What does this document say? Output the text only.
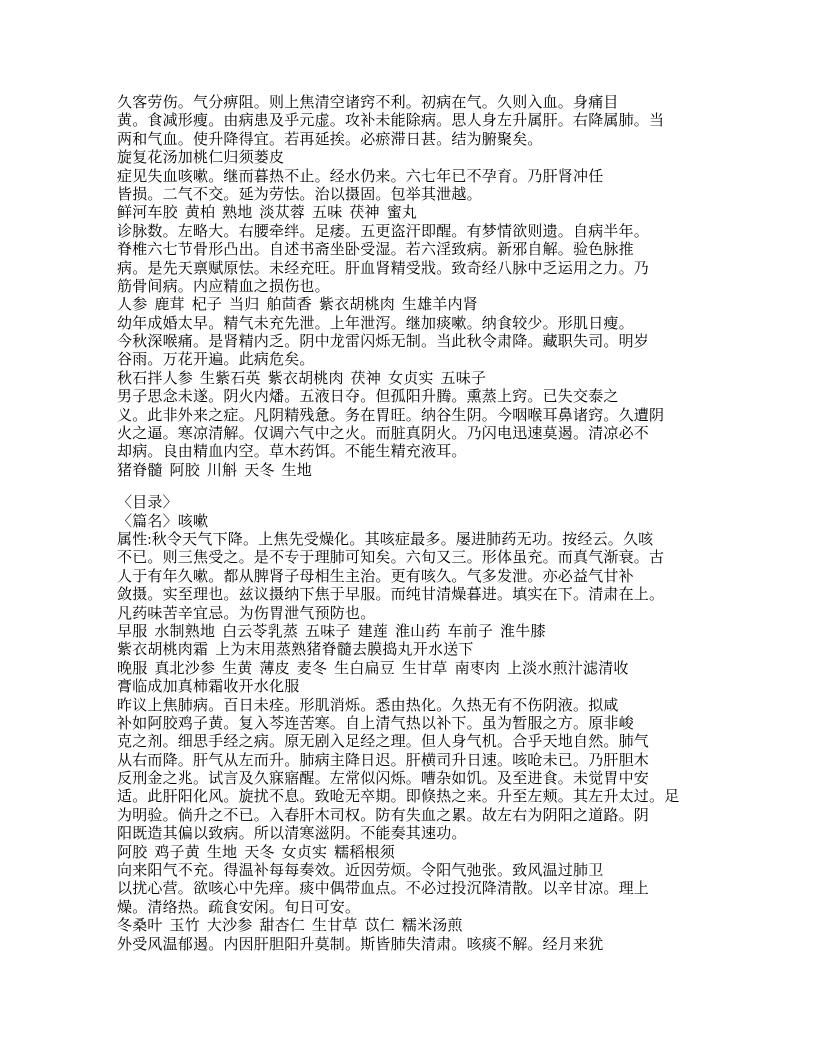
久客劳伤。气分痹阻。则上焦清空诸窍不利。初病在气。久则入血。身痛目
黄。食减形瘦。由病患及乎元虚。攻补未能除病。思人身左升属肝。右降属肺。当
两和气血。使升降得宜。若再延挨。必瘀滞日甚。结为腑聚矣。
旋复花汤加桃仁归须蒌皮
症见失血咳嗽。继而暮热不止。经水仍来。六七年已不孕育。乃肝肾冲任
皆损。二气不交。延为劳怯。治以摄固。包举其泄越。
鲜河车胶 黄柏 熟地 淡苁蓉 五味 茯神 蜜丸
诊脉数。左略大。右腰牵绊。足痿。五更盗汗即醒。有梦情欲则遗。自病半年。
脊椎六七节骨形凸出。自述书斋坐卧受湿。若六淫致病。新邪自解。验色脉推
病。是先天禀赋原怯。未经充旺。肝血肾精受戕。致奇经八脉中乏运用之力。乃
筋骨间病。内应精血之损伤也。
人参 鹿茸 杞子 当归 舶茴香 紫衣胡桃肉 生雄羊内肾
幼年成婚太早。精气未充先泄。上年泄泻。继加痰嗽。纳食较少。形肌日瘦。
今秋深喉痛。是肾精内乏。阴中龙雷闪烁无制。当此秋令肃降。藏职失司。明岁
谷雨。万花开遍。此病危矣。
秋石拌人参 生紫石英 紫衣胡桃肉 茯神 女贞实 五味子
男子思念未遂。阴火内燔。五液日夺。但孤阳升腾。熏蒸上窍。已失交泰之
义。此非外来之症。凡阴精残惫。务在胃旺。纳谷生阴。今咽喉耳鼻诸窍。久遭阴
火之逼。寒凉清解。仅调六气中之火。而脏真阴火。乃闪电迅速莫遏。清凉必不
却病。良由精血内空。草木药饵。不能生精充液耳。
猪脊髓 阿胶 川斛 天冬 生地
〈目录〉
〈篇名〉咳嗽
属性:秋令天气下降。上焦先受燥化。其咳症最多。屡进肺药无功。按经云。久咳
不已。则三焦受之。是不专于理肺可知矣。六旬又三。形体虽充。而真气渐衰。古
人于有年久嗽。都从脾肾子母相生主治。更有咳久。气多发泄。亦必益气甘补
敛摄。实至理也。兹议摄纳下焦于早服。而纯甘清燥暮进。填实在下。清肃在上。
凡药味苦辛宜忌。为伤胃泄气预防也。
早服 水制熟地 白云苓乳蒸 五味子 建莲 淮山药 车前子 淮牛膝
紫衣胡桃肉霜 上为末用蒸熟猪脊髓去膜捣丸开水送下
晚服 真北沙参 生黄 薄皮 麦冬 生白扁豆 生甘草 南枣肉 上淡水煎汁滤清收
膏临成加真柿霜收开水化服
昨议上焦肺病。百日未痊。形肌消烁。悉由热化。久热无有不伤阴液。拟咸
补如阿胶鸡子黄。复入芩连苦寒。自上清气热以补下。虽为暂服之方。原非峻
克之剂。细思手经之病。原无剧入足经之理。但人身气机。合乎天地自然。肺气
从右而降。肝气从左而升。肺病主降日迟。肝横司升日速。咳呛未已。乃肝胆木
反刑金之兆。试言及久寐寤醒。左常似闪烁。嘈杂如饥。及至进食。未觉胃中安
适。此肝阳化风。旋扰不息。致呛无卒期。即倏热之来。升至左颊。其左升太过。足
为明验。倘升之不已。入春肝木司权。防有失血之累。故左右为阴阳之道路。阴
阳既造其偏以致病。所以清寒滋阴。不能奏其速功。
阿胶 鸡子黄 生地 天冬 女贞实 糯稻根须
向来阳气不充。得温补每每奏效。近因劳烦。令阳气弛张。致风温过肺卫
以扰心营。欲咳心中先痒。痰中偶带血点。不必过投沉降清散。以辛甘凉。理上
燥。清络热。疏食安闲。旬日可安。
冬桑叶 玉竹 大沙参 甜杏仁 生甘草 苡仁 糯米汤煎
外受风温郁遏。内因肝胆阳升莫制。斯皆肺失清肃。咳痰不解。经月来犹
